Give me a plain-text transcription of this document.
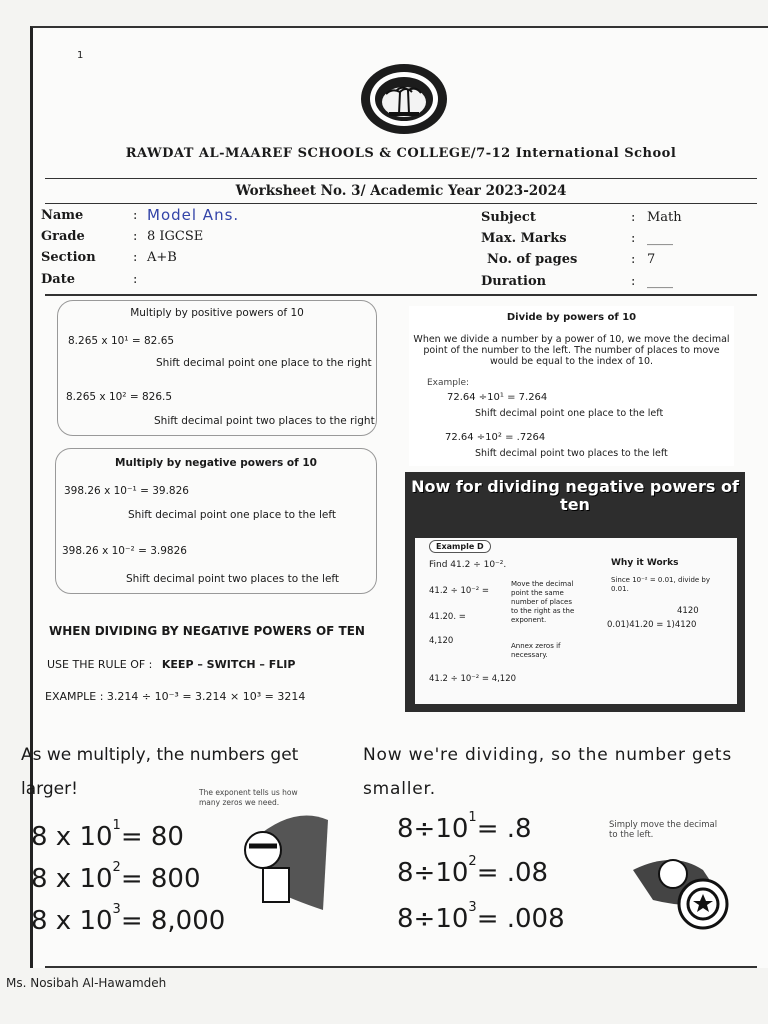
1
RAWDAT AL-MAAREF SCHOOLS & COLLEGE/7-12 International School
Worksheet No. 3/ Academic Year 2023-2024
Name	: Model Ans.
Grade	: 8 IGCSE
Section	: A+B
Date	:
Subject	: Math
Max. Marks	: ____
No. of pages	: 7
Duration	: ____
Multiply by positive powers of 10
8.265 x 10¹ = 82.65
Shift decimal point one place to the right
8.265 x 10² = 826.5
Shift decimal point two places to the right
Multiply by negative powers of 10
398.26 x 10⁻¹ = 39.826
Shift decimal point one place to the left
398.26 x 10⁻² = 3.9826
Shift decimal point two places to the left
Divide by powers of 10
When we divide a number by a power of 10, we move the decimal point of the number to the left. The number of places to move would be equal to the index of 10.
Example:
72.64 ÷10¹ = 7.264
Shift decimal point one place to the left
72.64 ÷10² = .7264
Shift decimal point two places to the left
Now for dividing negative powers of ten
Example D
Find 41.2 ÷ 10⁻².	Why it Works
41.2 ÷ 10⁻² =
Move the decimal point the same number of places to the right as the exponent.
41.20. =
4,120	Annex zeros if necessary.
41.2 ÷ 10⁻² = 4,120
Since 10⁻² = 0.01, divide by 0.01.
4120
0.01)41.20 = 1)4120
WHEN DIVIDING BY NEGATIVE POWERS OF TEN
USE THE RULE OF : KEEP – SWITCH – FLIP
EXAMPLE : 3.214 ÷ 10⁻³ = 3.214 × 10³ = 3214
As we multiply, the numbers get larger!	The exponent tells us how many zeros we need.
8 x $10^1= 80$
8 x $10^2= 800$
8 x $10^3= 8,000$
Now we're dividing, so the number gets smaller.
Simply move the decimal to the left.
$8\div 10^1= .8$
$8\div 10^2= .08$
$8\div 10^3= .008$
Ms. Nosibah Al-Hawamdeh
